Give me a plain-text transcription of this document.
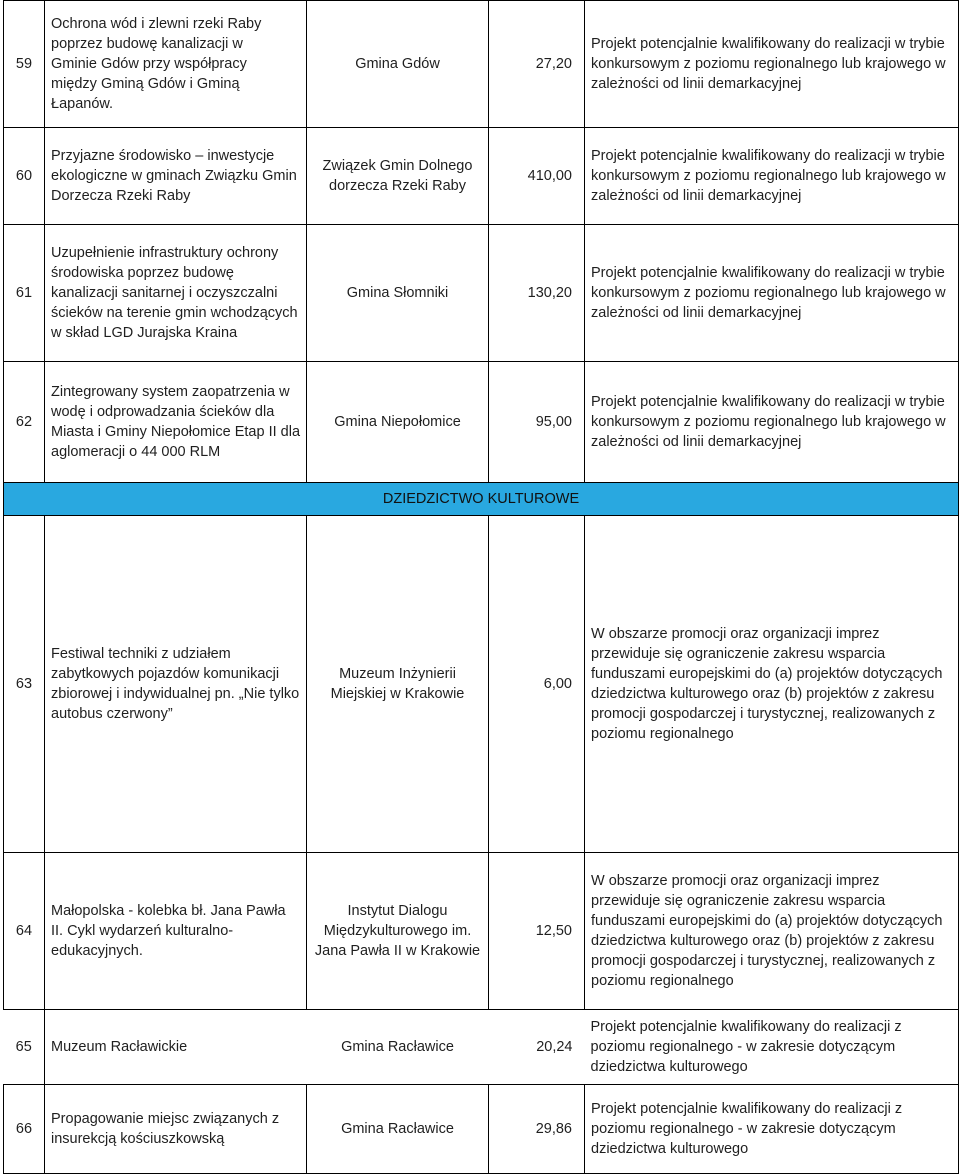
59	Ochrona wód i zlewni rzeki Raby
poprzez budowę kanalizacji w
Gminie Gdów przy współpracy
między Gminą Gdów i Gminą
Łapanów.	Gmina Gdów	27,20	Projekt potencjalnie kwalifikowany do realizacji w trybie konkursowym z poziomu regionalnego lub krajowego w zależności od linii demarkacyjnej
60	Przyjazne środowisko – inwestycje ekologiczne w gminach Związku Gmin Dorzecza Rzeki Raby	Związek Gmin Dolnego dorzecza Rzeki Raby	410,00	Projekt potencjalnie kwalifikowany do realizacji w trybie konkursowym z poziomu regionalnego lub krajowego w zależności od linii demarkacyjnej
61	Uzupełnienie infrastruktury ochrony środowiska poprzez budowę kanalizacji sanitarnej i oczyszczalni ścieków na terenie gmin wchodzących w skład LGD Jurajska Kraina	Gmina Słomniki	130,20	Projekt potencjalnie kwalifikowany do realizacji w trybie konkursowym z poziomu regionalnego lub krajowego w zależności od linii demarkacyjnej
62	Zintegrowany system zaopatrzenia w wodę i odprowadzania ścieków dla Miasta i Gminy Niepołomice Etap II dla aglomeracji o 44 000 RLM	Gmina Niepołomice	95,00	Projekt potencjalnie kwalifikowany do realizacji w trybie konkursowym z poziomu regionalnego lub krajowego w zależności od linii demarkacyjnej
DZIEDZICTWO KULTUROWE				
63	Festiwal techniki z udziałem zabytkowych pojazdów komunikacji zbiorowej i indywidualnej pn. „Nie tylko autobus czerwony”	Muzeum Inżynierii Miejskiej w Krakowie	6,00	W obszarze promocji oraz organizacji imprez przewiduje się ograniczenie zakresu wsparcia funduszami europejskimi do (a) projektów dotyczących dziedzictwa kulturowego oraz (b) projektów z zakresu promocji gospodarczej i turystycznej, realizowanych z poziomu regionalnego
64	Małopolska - kolebka bł. Jana Pawła II. Cykl wydarzeń kulturalno-edukacyjnych.	Instytut Dialogu Międzykulturowego im. Jana Pawła II w Krakowie	12,50	W obszarze promocji oraz organizacji imprez przewiduje się ograniczenie zakresu wsparcia funduszami europejskimi do (a) projektów dotyczących dziedzictwa kulturowego oraz (b) projektów z zakresu promocji gospodarczej i turystycznej, realizowanych z poziomu regionalnego
65	Muzeum Racławickie	Gmina Racławice	20,24	Projekt potencjalnie kwalifikowany do realizacji z poziomu regionalnego - w zakresie dotyczącym dziedzictwa kulturowego
66	Propagowanie miejsc związanych z insurekcją kościuszkowską	Gmina Racławice	29,86	Projekt potencjalnie kwalifikowany do realizacji z poziomu regionalnego - w zakresie dotyczącym dziedzictwa kulturowego
